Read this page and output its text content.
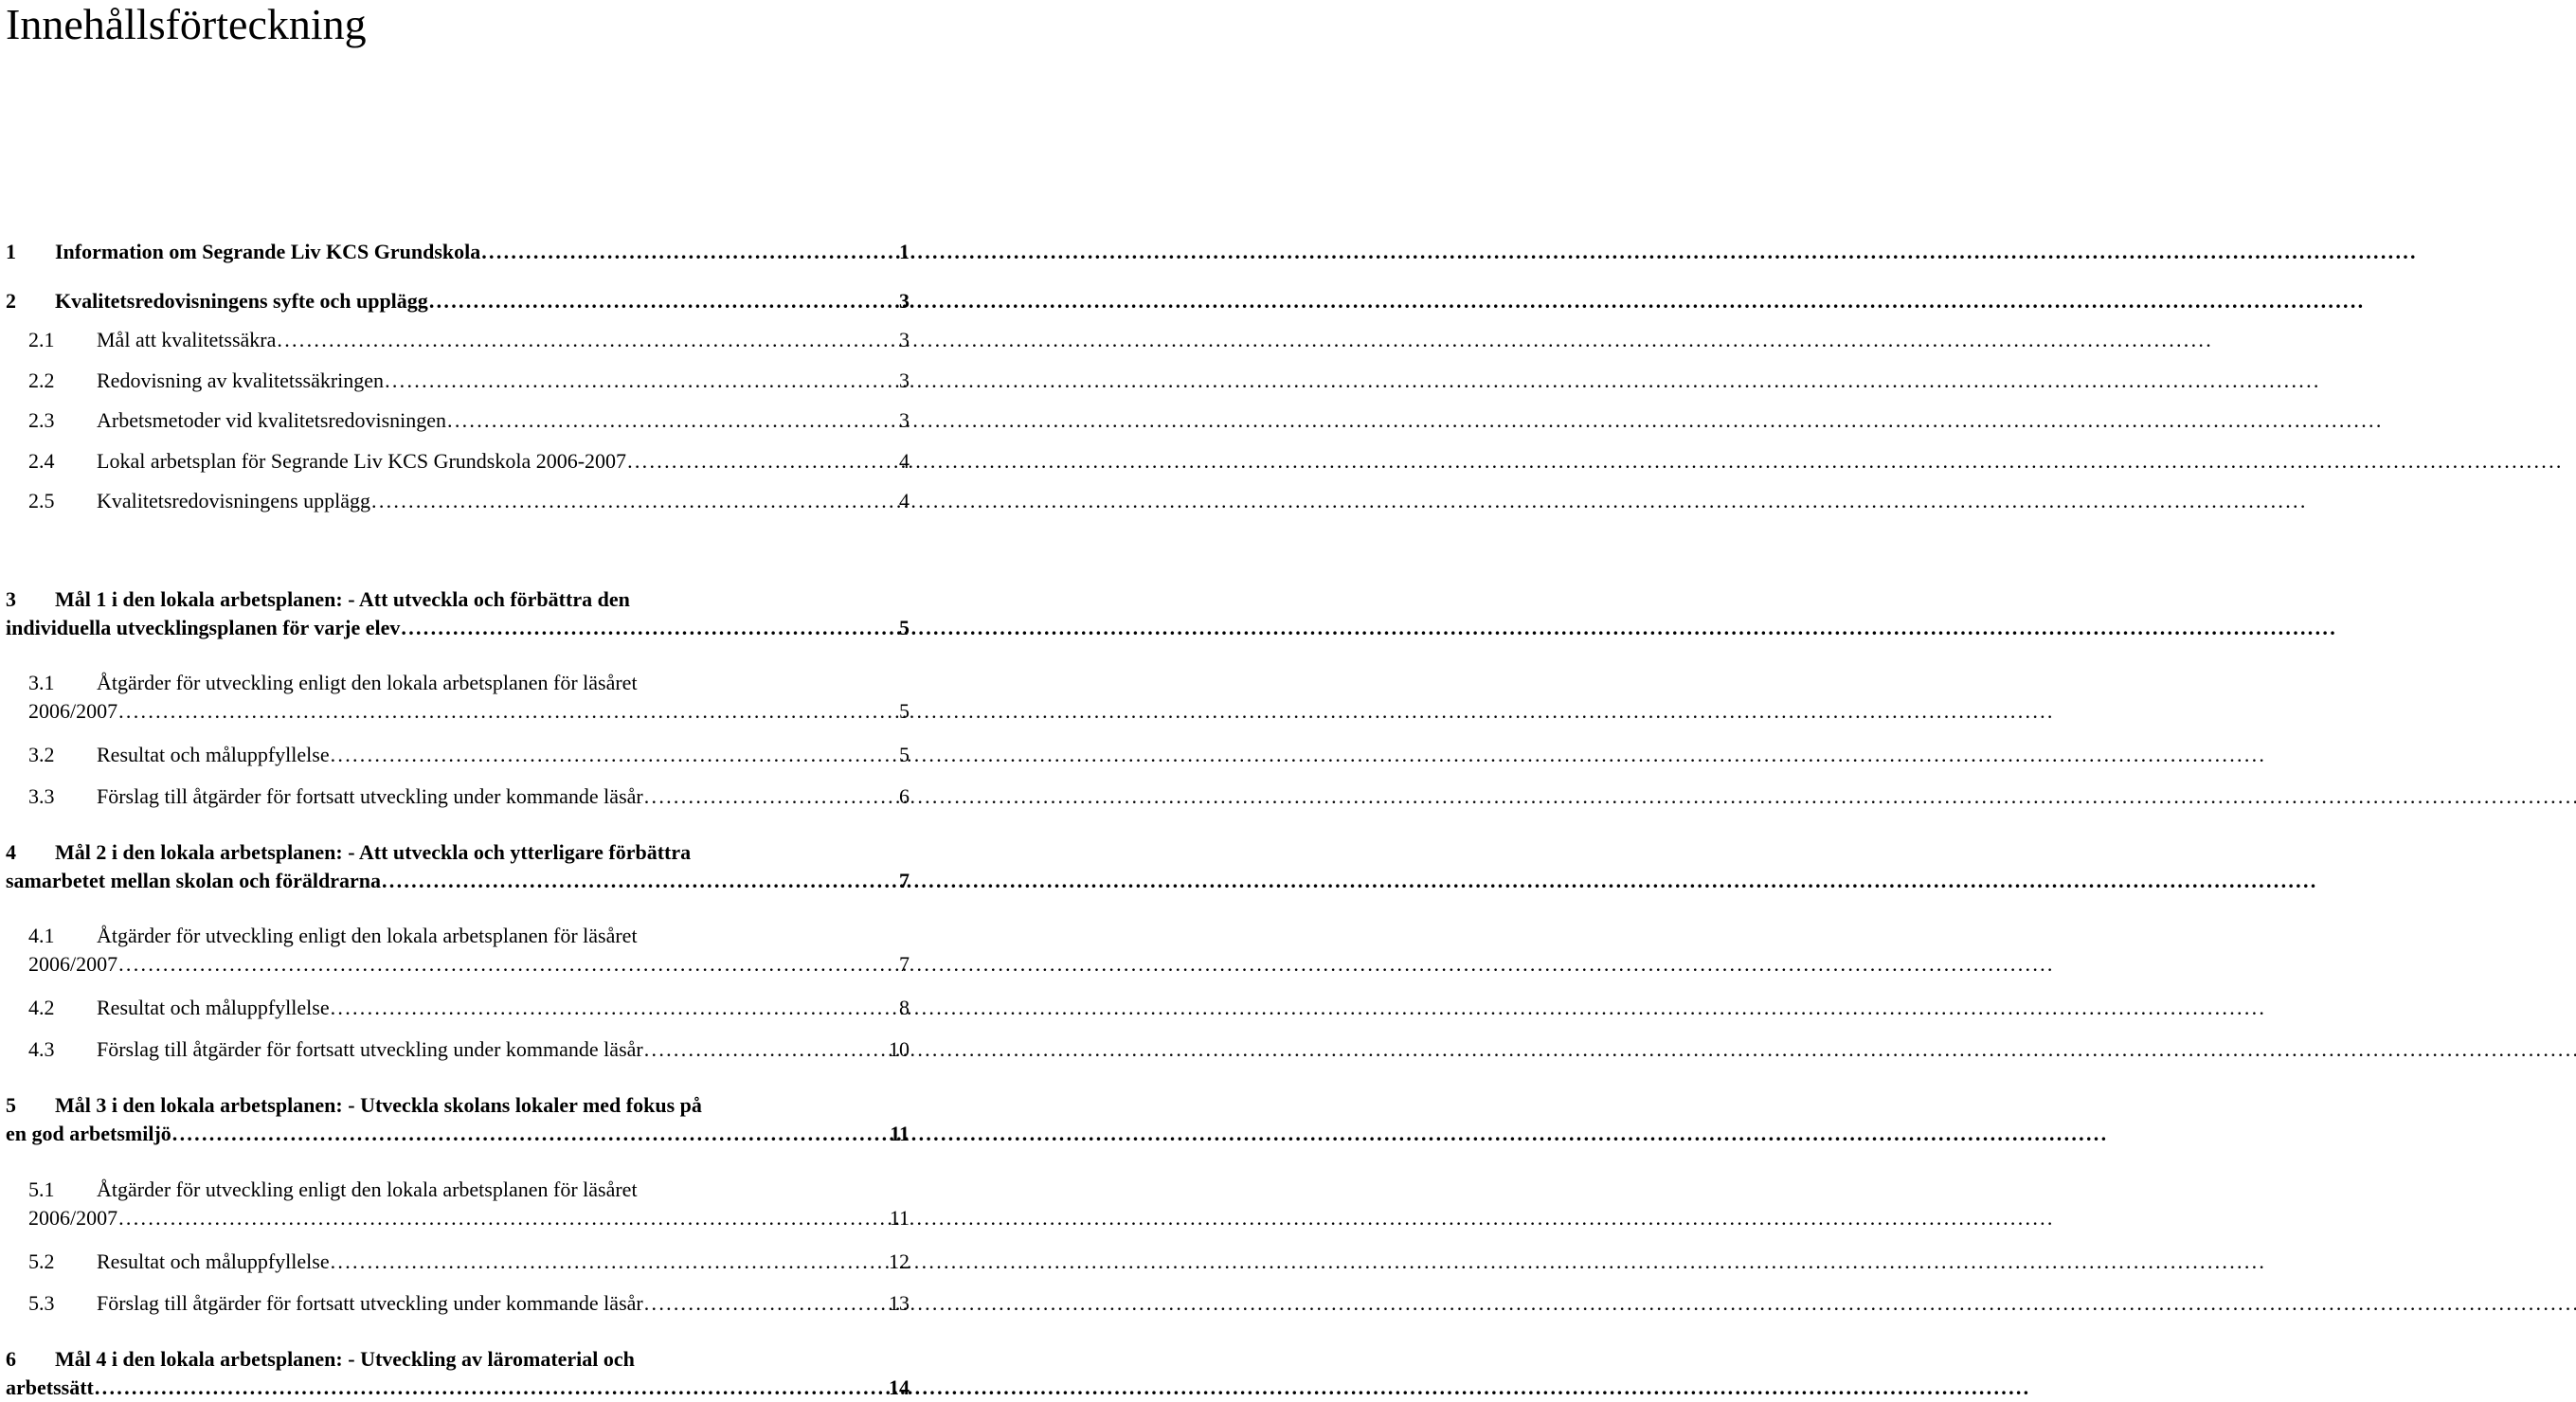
Innehållsförteckning
1	Information om Segrande Liv KCS Grundskola . . .	1
2	Kvalitetsredovisningens syfte och upplägg . . .	3
2.1	Mål att kvalitetssäkra . . .	3
2.2	Redovisning av kvalitetssäkringen . . .	3
2.3	Arbetsmetoder vid kvalitetsredovisningen . . .	3
2.4	Lokal arbetsplan för Segrande Liv KCS Grundskola 2006-2007 . . .	4
2.5	Kvalitetsredovisningens upplägg . . .	4
3	Mål 1 i den lokala arbetsplanen: - Att utveckla och förbättra den
individuella utvecklingsplanen för varje elev . . .	5
3.1	Åtgärder för utveckling enligt den lokala arbetsplanen för läsåret
2006/2007 . . .	5
3.2	Resultat och måluppfyllelse . . .	5
3.3	Förslag till åtgärder för fortsatt utveckling under kommande läsår . . .	6
4	Mål 2 i den lokala arbetsplanen: - Att utveckla och ytterligare förbättra
samarbetet mellan skolan och föräldrarna . . .	7
4.1	Åtgärder för utveckling enligt den lokala arbetsplanen för läsåret
2006/2007 . . .	7
4.2	Resultat och måluppfyllelse . . .	8
4.3	Förslag till åtgärder för fortsatt utveckling under kommande läsår . . .	10
5	Mål 3 i den lokala arbetsplanen: - Utveckla skolans lokaler med fokus på
en god arbetsmiljö . . .	11
5.1	Åtgärder för utveckling enligt den lokala arbetsplanen för läsåret
2006/2007 . . .	11
5.2	Resultat och måluppfyllelse . . .	12
5.3	Förslag till åtgärder för fortsatt utveckling under kommande läsår . . .	13
6	Mål 4 i den lokala arbetsplanen: - Utveckling av läromaterial och
arbetssätt . . .	14
